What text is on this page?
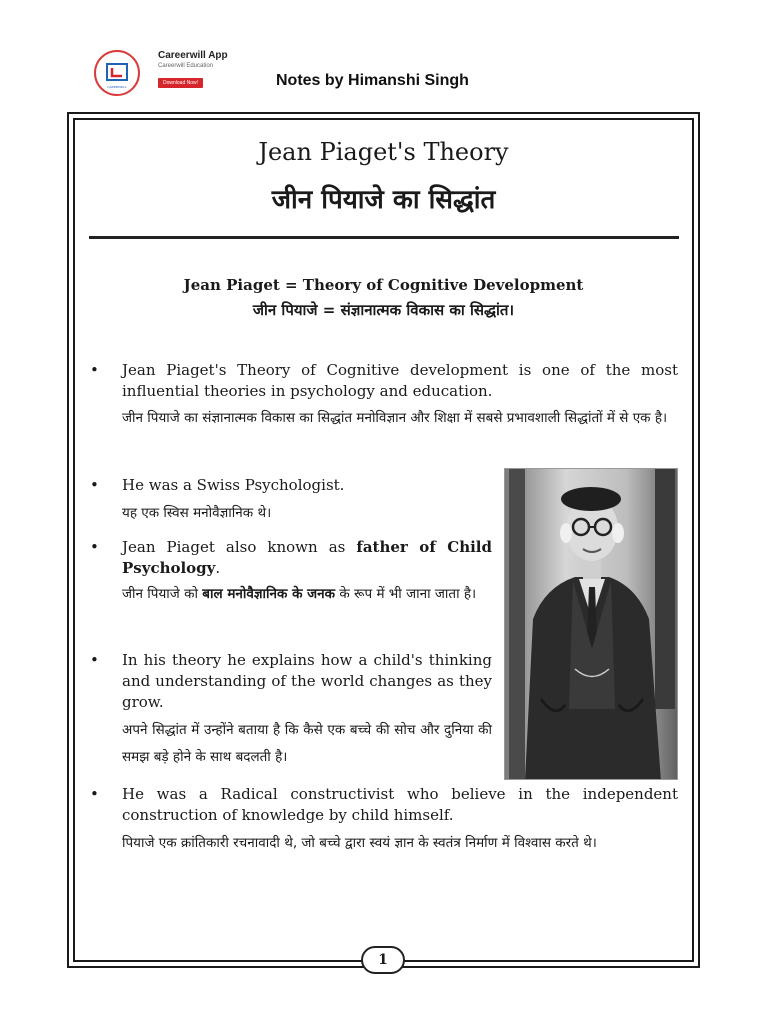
CAREERWILL
Careerwill App
Careerwill Education
Download Now!	Notes by Himanshi Singh
Jean Piaget's Theory
जीन पियाजे का सिद्धांत
Jean Piaget = Theory of Cognitive Development
जीन पियाजे = संज्ञानात्मक विकास का सिद्धांत।
• Jean Piaget's Theory of Cognitive development is one of the most influential theories in psychology and education.
जीन पियाजे का संज्ञानात्मक विकास का सिद्धांत मनोविज्ञान और शिक्षा में सबसे प्रभावशाली सिद्धांतों में से एक है।
• He was a Swiss Psychologist.
यह एक स्विस मनोवैज्ञानिक थे।
• Jean Piaget also known as father of Child Psychology.
जीन पियाजे को बाल मनोवैज्ञानिक के जनक के रूप में भी जाना जाता है।
• In his theory he explains how a child's thinking and understanding of the world changes as they grow.
अपने सिद्धांत में उन्होंने बताया है कि कैसे एक बच्चे की सोच और दुनिया की समझ बड़े होने के साथ बदलती है।
• He was a Radical constructivist who believe in the independent construction of knowledge by child himself.
पियाजे एक क्रांतिकारी रचनावादी थे, जो बच्चे द्वारा स्वयं ज्ञान के स्वतंत्र निर्माण में विश्वास करते थे।
1
